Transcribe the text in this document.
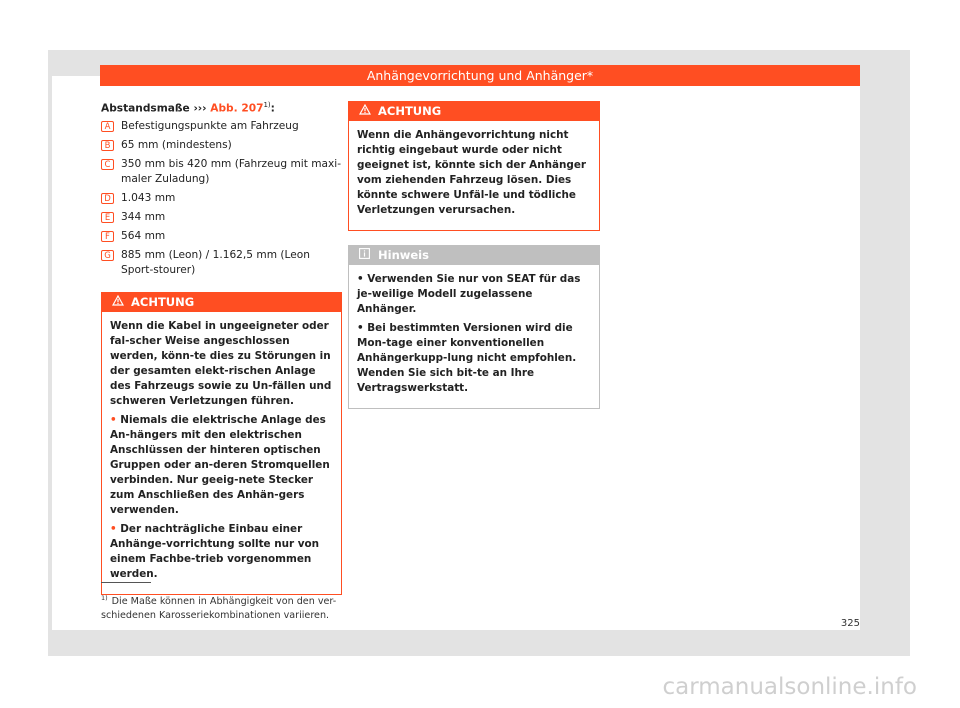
Anhängevorrichtung und Anhänger*
Abstandsmaße ››› Abb. 207$^{1)}$:
A Befestigungspunkte am Fahrzeug
B 65 mm (mindestens)
C 350 mm bis 420 mm (Fahrzeug mit maxi-maler Zuladung)
D 1.043 mm
E	344 mm
F	564 mm
G 885 mm (Leon) / 1.162,5 mm (Leon Sport-stourer)
ACHTUNG

Wenn die Kabel in ungeeigneter oder fal-scher Weise angeschlossen werden, könn-te dies zu Störungen in der gesamten elekt-rischen Anlage des Fahrzeugs sowie zu Un-fällen und schweren Verletzungen führen.

• Niemals die elektrische Anlage des An-hängers mit den elektrischen Anschlüssen der hinteren optischen Gruppen oder an-deren Stromquellen verbinden. Nur geeig-nete Stecker zum Anschließen des Anhän-gers verwenden.

• Der nachträgliche Einbau einer Anhänge-vorrichtung sollte nur von einem Fachbe-trieb vorgenommen werden.

ACHTUNG

Wenn die Anhängevorrichtung nicht richtig eingebaut wurde oder nicht geeignet ist, könnte sich der Anhänger vom ziehenden Fahrzeug lösen. Dies könnte schwere Unfäl-le und tödliche Verletzungen verursachen.

Hinweis

• Verwenden Sie nur von SEAT für das je-weilige Modell zugelassene Anhänger.

• Bei bestimmten Versionen wird die Mon-tage einer konventionellen Anhängerkupp-lung nicht empfohlen. Wenden Sie sich bit-te an Ihre Vertragswerkstatt.

$^{1)}$ Die Maße können in Abhängigkeit von den ver-schiedenen Karosseriekombinationen variieren.
325
carmanualsonline.info
